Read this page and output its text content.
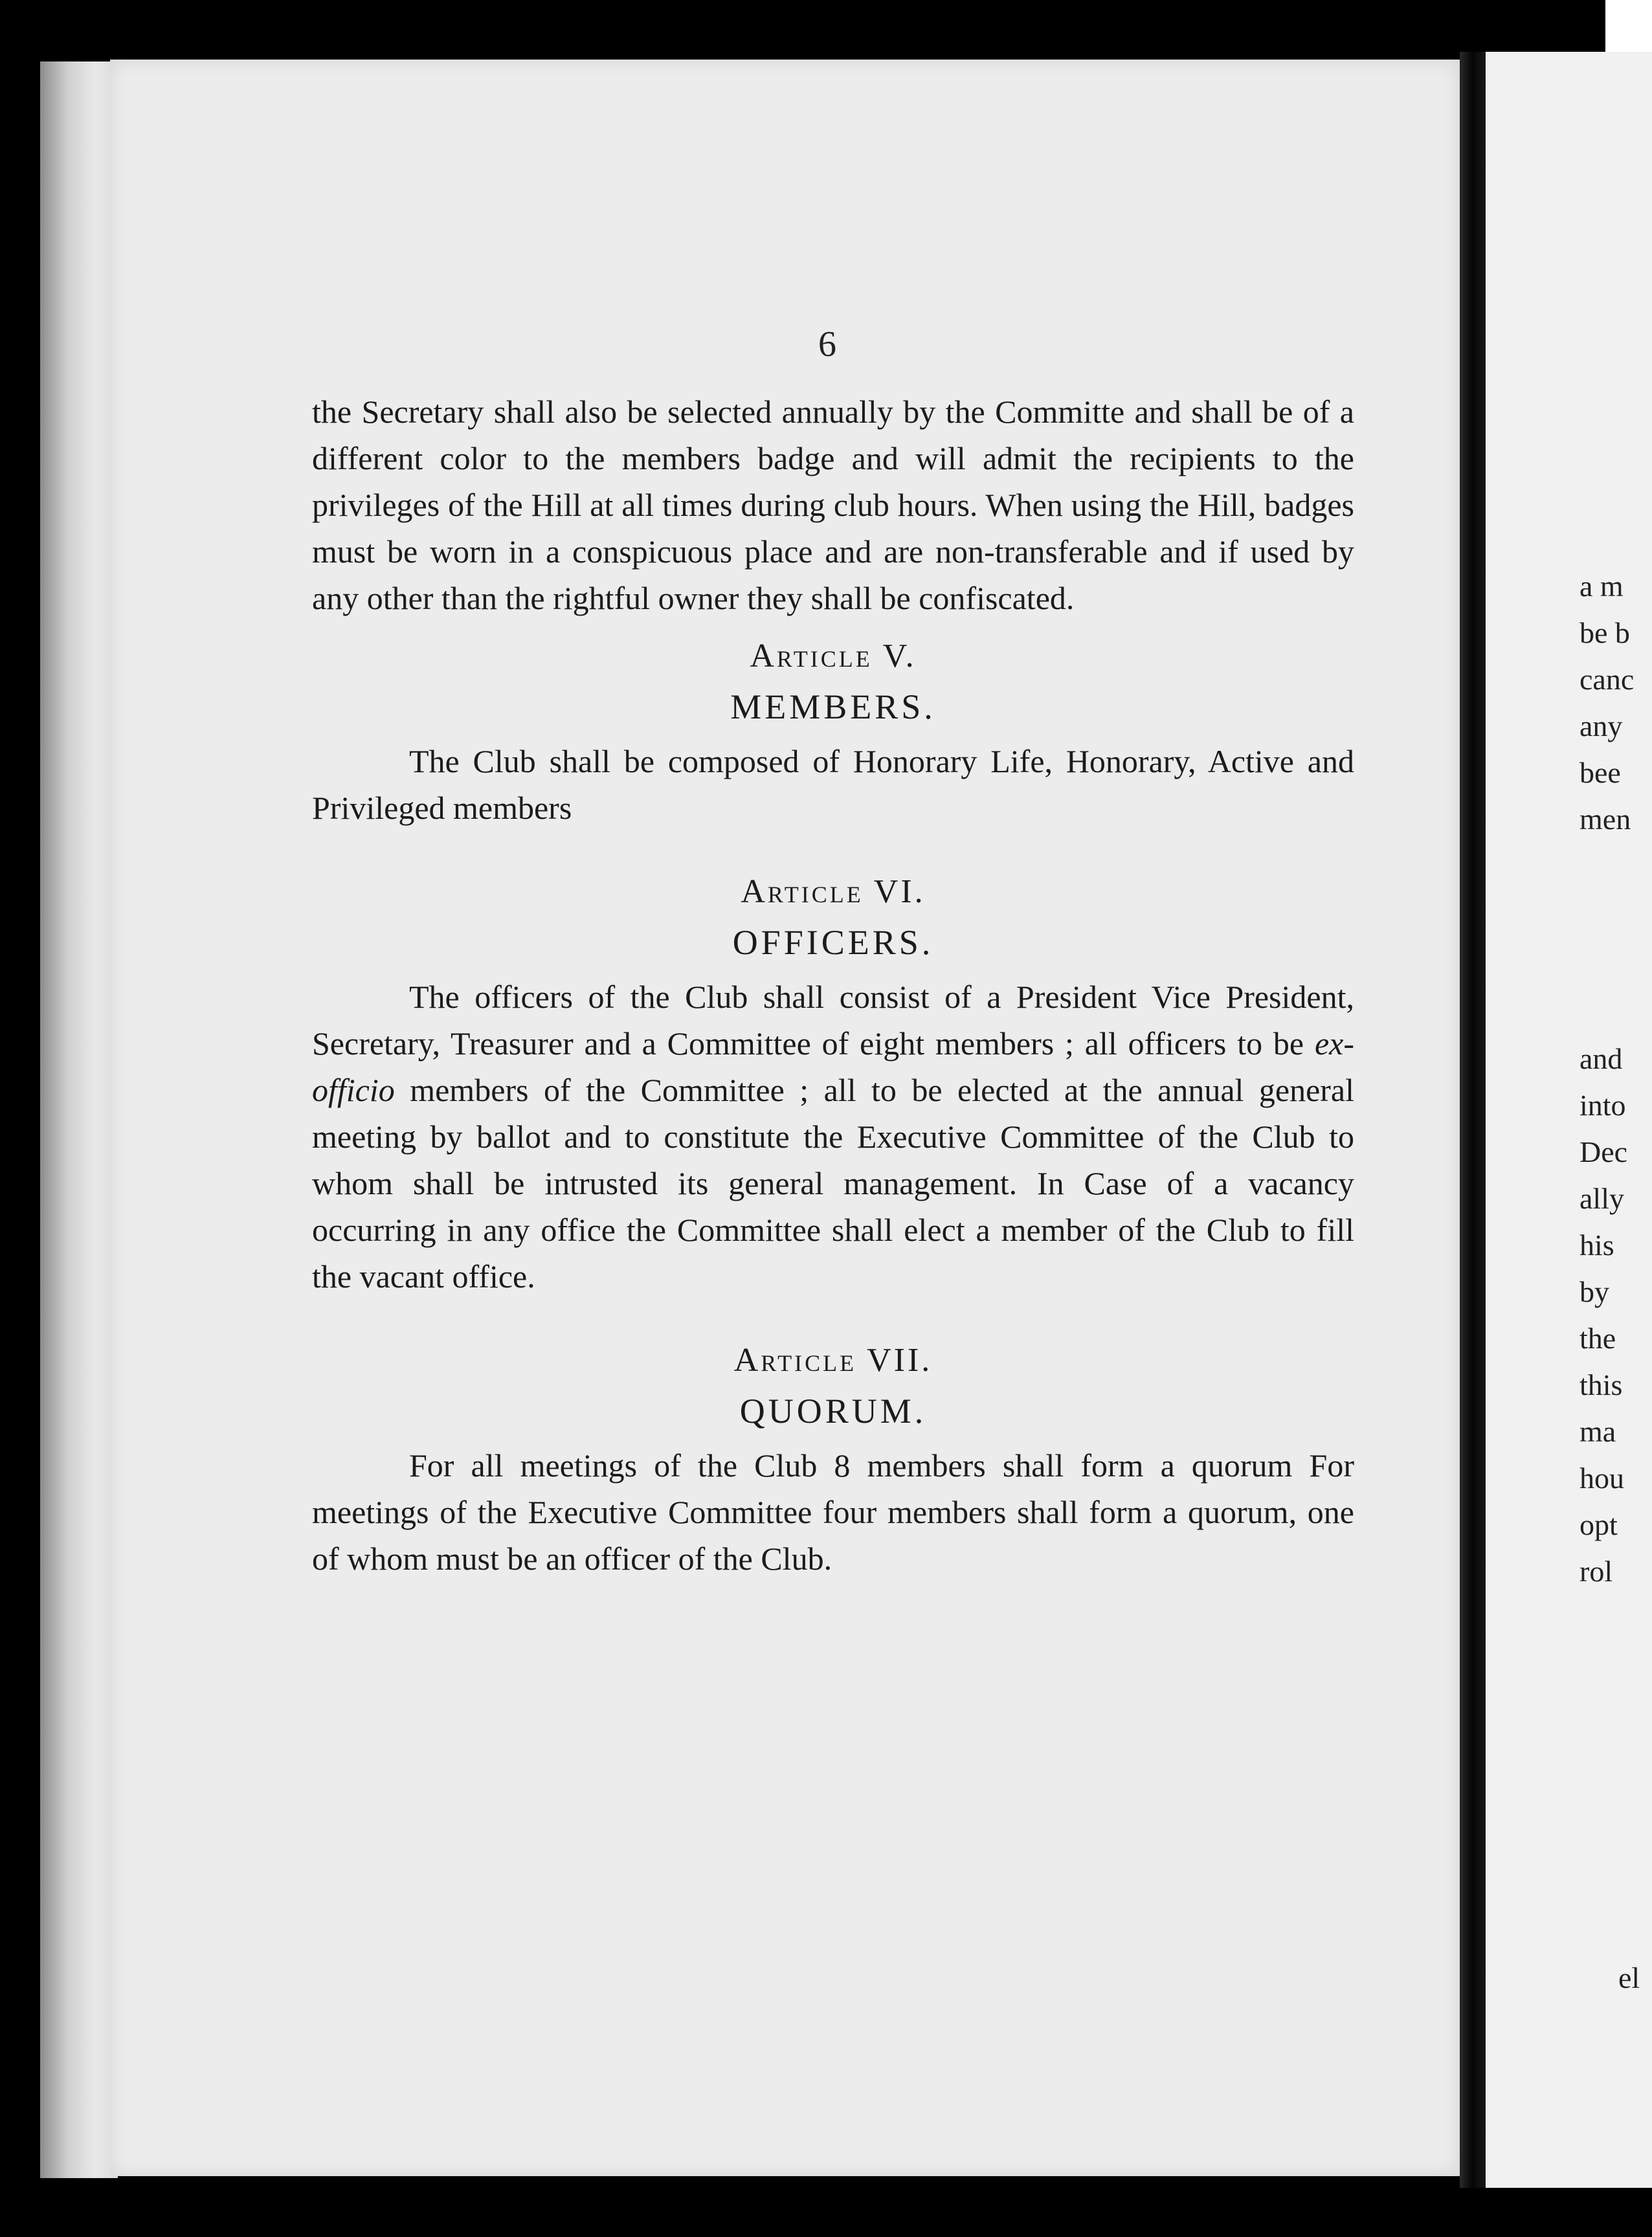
6

the Secretary shall also be selected annually by the Committe and shall be of a different color to the members badge and will admit the recipients to the privileges of the Hill at all times during club hours. When using the Hill, badges must be worn in a conspicuous place and are non-transferable and if used by any other than the rightful owner they shall be confiscated.

Article V.
MEMBERS.

The Club shall be composed of Honorary Life, Honorary, Active and Privileged members

Article VI.
OFFICERS.

The officers of the Club shall consist of a President Vice President, Secretary, Treasurer and a Committee of eight members ; all officers to be ex-officio members of the Committee ; all to be elected at the annual general meeting by ballot and to constitute the Executive Committee of the Club to whom shall be intrusted its general management. In Case of a vacancy occurring in any office the Committee shall elect a member of the Club to fill the vacant office.

Article VII.
QUORUM.

For all meetings of the Club 8 members shall form a quorum For meetings of the Executive Committee four members shall form a quorum, one of whom must be an officer of the Club.

a m
be b
canc
any
bee
men
and
into
Dec
ally
his
by
the
this
ma
hou
opt
rol
el
